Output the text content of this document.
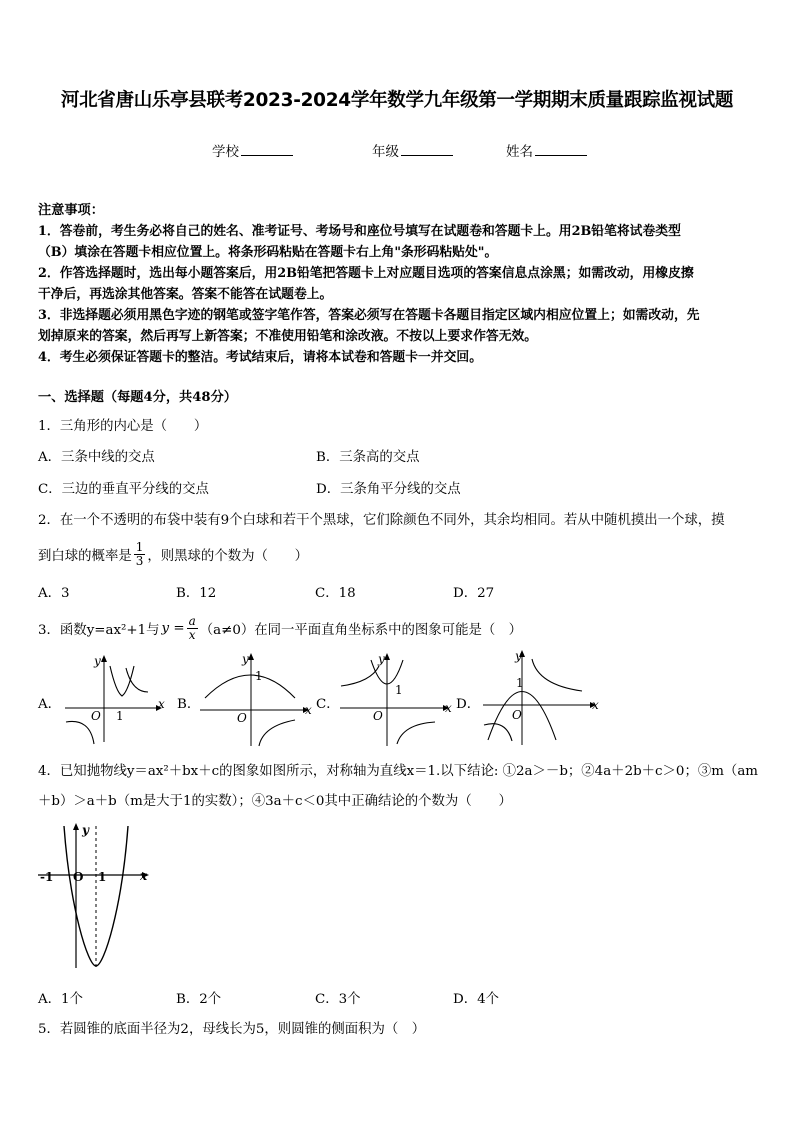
河北省唐山乐亭县联考2023-2024学年数学九年级第一学期期末质量跟踪监视试题
学校	年级	姓名
注意事项：
1．答卷前，考生务必将自己的姓名、准考证号、考场号和座位号填写在试题卷和答题卡上。用2B铅笔将试卷类型
（B）填涂在答题卡相应位置上。将条形码粘贴在答题卡右上角"条形码粘贴处"。
2．作答选择题时，选出每小题答案后，用2B铅笔把答题卡上对应题目选项的答案信息点涂黑；如需改动，用橡皮擦
干净后，再选涂其他答案。答案不能答在试题卷上。
3．非选择题必须用黑色字迹的钢笔或签字笔作答，答案必须写在答题卡各题目指定区域内相应位置上；如需改动，先
划掉原来的答案，然后再写上新答案；不准使用铅笔和涂改液。不按以上要求作答无效。
4．考生必须保证答题卡的整洁。考试结束后，请将本试卷和答题卡一并交回。
一、选择题（每题4分，共48分）
1．三角形的内心是（　　）
A．三条中线的交点	B．三条高的交点
C．三边的垂直平分线的交点	D．三条角平分线的交点
2．在一个不透明的布袋中装有9个白球和若干个黑球，它们除颜色不同外，其余均相同。若从中随机摸出一个球，摸
到白球的概率是 $\frac{1}{3}$ ，则黑球的个数为（　　）
A．3	B．12	C．18	D．27
3．函数y=ax²+1与 $y = \frac{a}{x} (a\ne 0)$在同一平面直角坐标系中的图象可能是（　）
A．	B．	C．	D．
y
x
O 1
y
x
O
1
y
x
O
1
y
x
O
1
4．已知抛物线y＝ax²＋bx＋c的图象如图所示，对称轴为直线x＝1.以下结论: ①2a＞－b；②4a＋2b＋c＞0；③m（am
＋b）＞a＋b（m是大于1的实数）；④3a＋c＜0其中正确结论的个数为（　　）
-1 O 1
y
x
A．1个	B．2个	C．3个	D．4个
5．若圆锥的底面半径为2，母线长为5，则圆锥的侧面积为（　）
